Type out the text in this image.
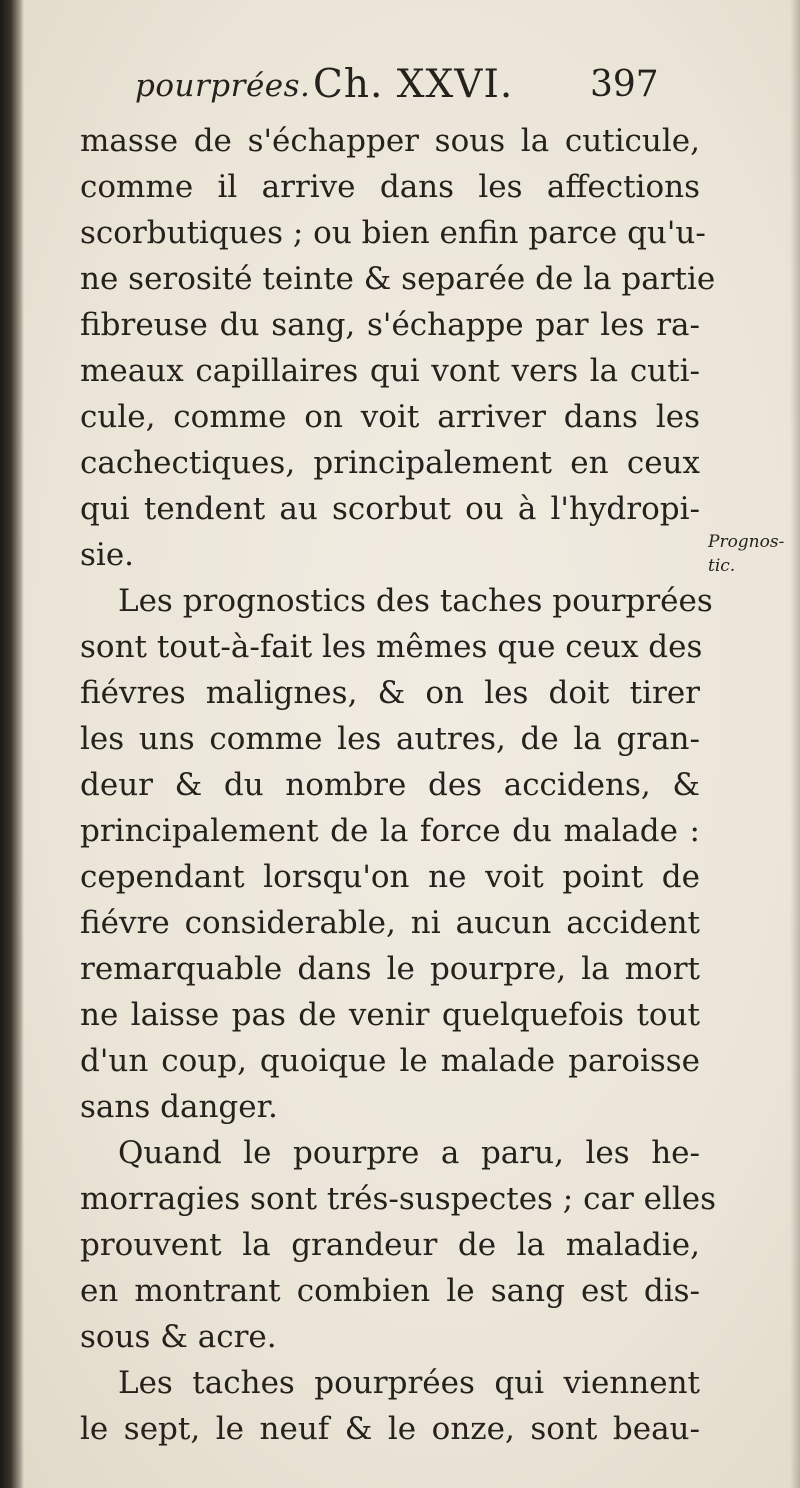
pourprées. Ch. XXVI. 397
masse de s'échapper sous la cuticule,
comme il arrive dans les affections
scorbutiques ; ou bien enfin parce qu'u-
ne serosité teinte & separée de la partie
fibreuse du sang, s'échappe par les ra-
meaux capillaires qui vont vers la cuti-
cule, comme on voit arriver dans les
cachectiques, principalement en ceux
qui tendent au scorbut ou à l'hydropi-
sie.
Les prognostics des taches pourprées
sont tout-à-fait les mêmes que ceux des
fiévres malignes, & on les doit tirer
les uns comme les autres, de la gran-
deur & du nombre des accidens, &
principalement de la force du malade :
cependant lorsqu'on ne voit point de
fiévre considerable, ni aucun accident
remarquable dans le pourpre, la mort
ne laisse pas de venir quelquefois tout
d'un coup, quoique le malade paroisse
sans danger.
Quand le pourpre a paru, les he-
morragies sont trés-suspectes ; car elles
prouvent la grandeur de la maladie,
en montrant combien le sang est dis-
sous & acre.
Les taches pourprées qui viennent
le sept, le neuf & le onze, sont beau-
Prognos-
tic.
